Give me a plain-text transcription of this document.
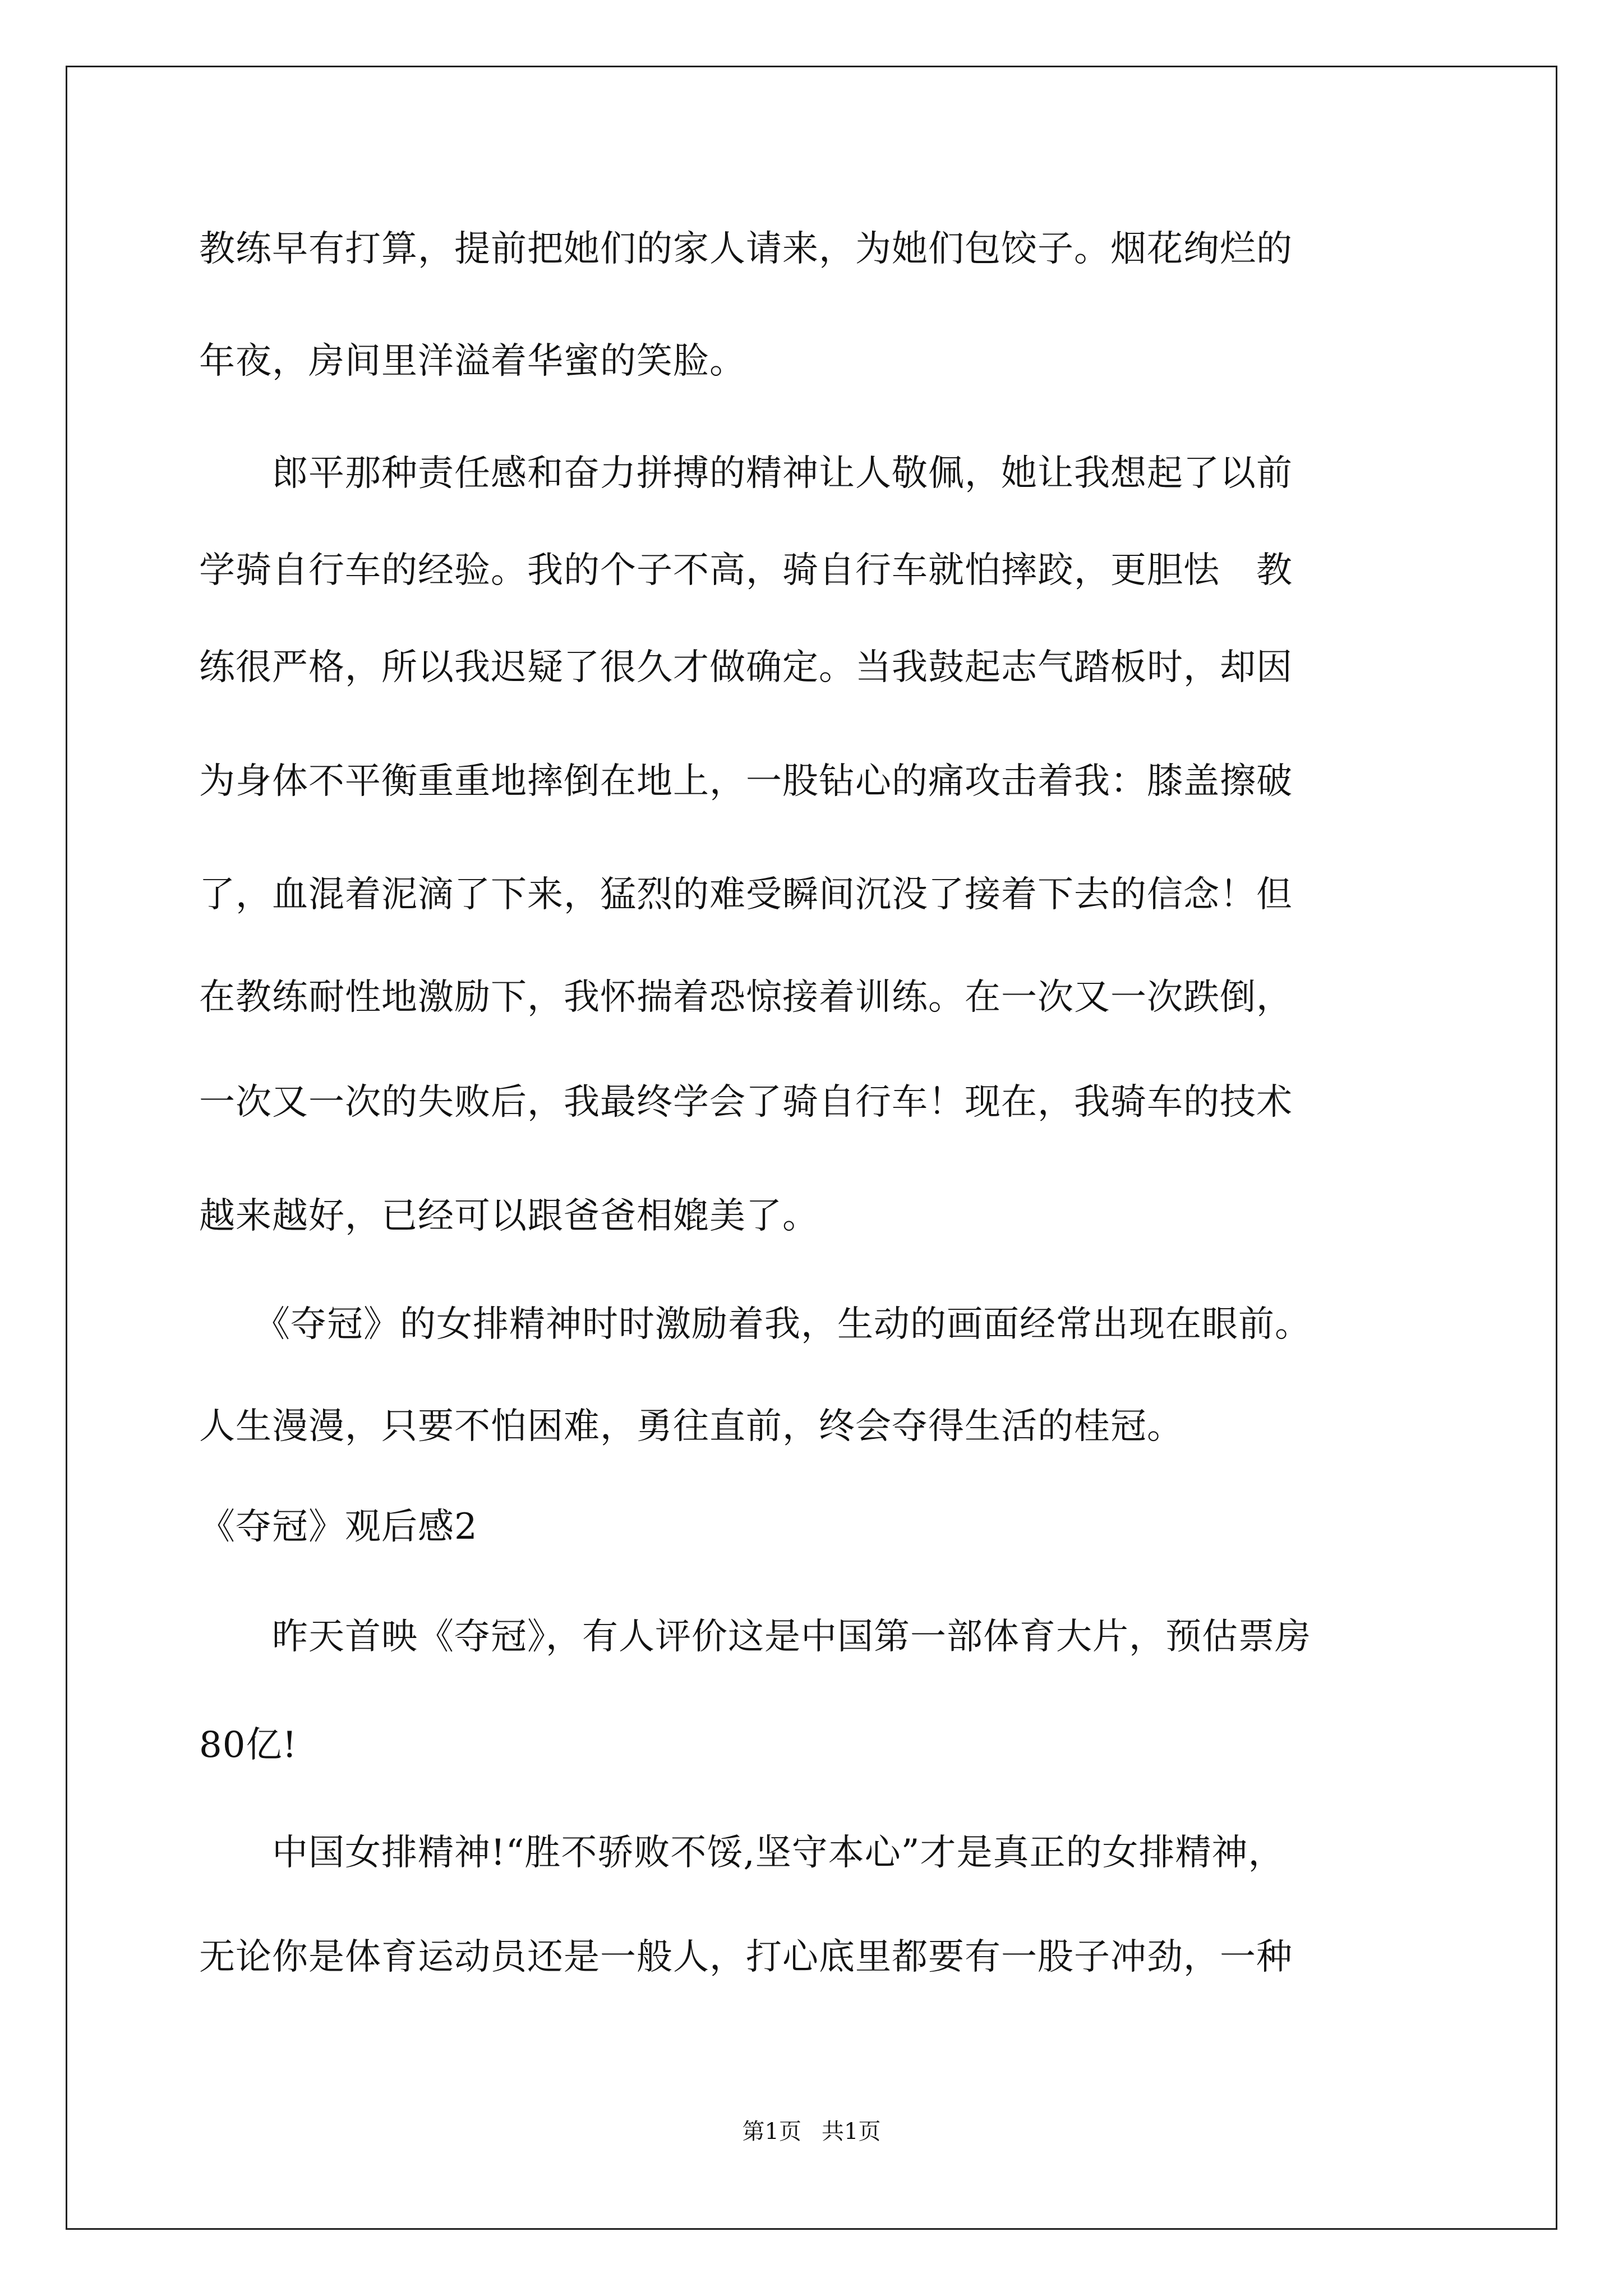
教练早有打算，提前把她们的家人请来，为她们包饺子。烟花绚烂的
年夜，房间里洋溢着华蜜的笑脸。
　　郎平那种责任感和奋力拼搏的精神让人敬佩，她让我想起了以前
学骑自行车的经验。我的个子不高，骑自行车就怕摔跤，更胆怯　教
练很严格，所以我迟疑了很久才做确定。当我鼓起志气踏板时，却因
为身体不平衡重重地摔倒在地上，一股钻心的痛攻击着我：膝盖擦破
了，血混着泥滴了下来，猛烈的难受瞬间沉没了接着下去的信念！但
在教练耐性地激励下，我怀揣着恐惊接着训练。在一次又一次跌倒，
一次又一次的失败后，我最终学会了骑自行车！现在，我骑车的技术
越来越好，已经可以跟爸爸相媲美了。
　　《夺冠》的女排精神时时激励着我，生动的画面经常出现在眼前。
人生漫漫，只要不怕困难，勇往直前，终会夺得生活的桂冠。
《夺冠》观后感2
　　昨天首映《夺冠》，有人评价这是中国第一部体育大片，预估票房
80亿!
　　中国女排精神!“胜不骄败不馁,坚守本心”才是真正的女排精神，
无论你是体育运动员还是一般人，打心底里都要有一股子冲劲，一种
第1页 共1页
